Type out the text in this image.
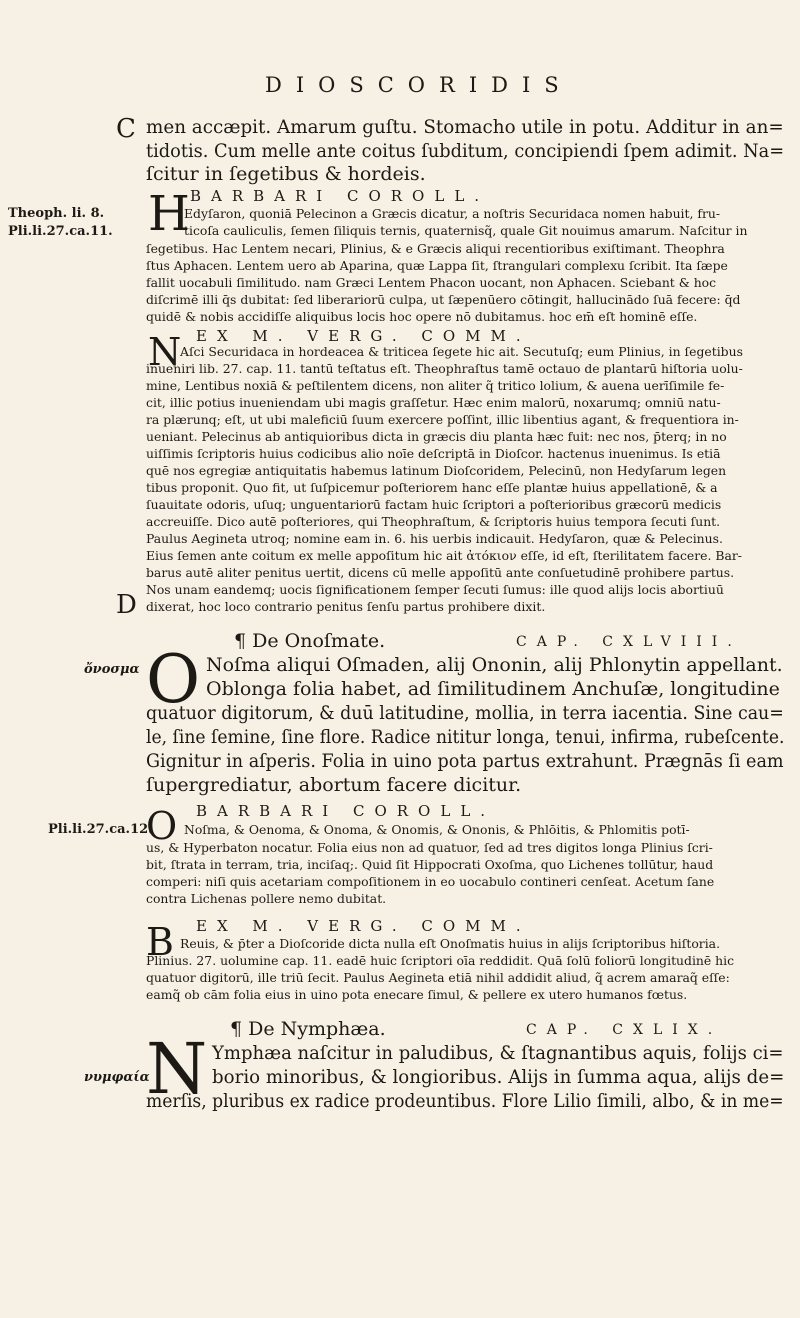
DIOSCORIDIS
C
Theoph. li. 8.
Pli.li.27.ca.11.
D
ὄνοσμα
Pli.li.27.ca.12.
νυμφαία
men accæpit. Amarum guſtu. Stomacho utile in potu. Additur in an=
tidotis. Cum melle ante coitus ſubditum, concipiendi ſpem adimit. Na=
ſcitur in ſegetibus & hordeis.
BARBARI COROLL.
H
Edyſaron, quoniā Pelecinon a Græcis dicatur, a noſtris Securidaca nomen habuit, fru-
ticoſa cauliculis, ſemen ſiliquis ternis, quaternisq̃, quale Git nouimus amarum. Naſcitur in
ſegetibus. Hac Lentem necari, Plinius, & e Græcis aliqui recentioribus exiſtimant. Theophra
ſtus Aphacen. Lentem uero ab Aparina, quæ Lappa ſit, ſtrangulari complexu ſcribit. Ita ſæpe
fallit uocabuli ſimilitudo. nam Græci Lentem Phacon uocant, non Aphacen. Sciebant & hoc
diſcrimē illi q̄s dubitat: ſed liberariorū culpa, ut ſæpenūero cōtingit, hallucinādo ſuā fecere: q̄d
quidē & nobis accidiſſe aliquibus locis hoc opere nō dubitamus. hoc em̄ eſt hominē eſſe.
EX M. VERG. COMM.
N
Aſci Securidaca in hordeacea & triticea ſegete hic ait. Secutuſq; eum Plinius, in ſegetibus
inueniri lib. 27. cap. 11. tantū teſtatus eſt. Theophraſtus tamē octauo de plantarū hiſtoria uolu-
mine, Lentibus noxiā & peſtilentem dicens, non aliter q̃ tritico lolium, & auena uerīſimile fe-
cit, illic potius inueniendam ubi magis graſſetur. Hæc enim malorū, noxarumq; omniū natu-
ra plærunq; eſt, ut ubi maleficiū ſuum exercere poſſint, illic libentius agant, & frequentiora in-
ueniant. Pelecinus ab antiquioribus dicta in græcis diu planta hæc fuit: nec nos, p̄terq; in no
uiſſimis ſcriptoris huius codicibus alio noīe deſcriptā in Dioſcor. hactenus inuenimus. Is etiā
quē nos egregiæ antiquitatis habemus latinum Dioſcoridem, Pelecinū, non Hedyſarum legen
tibus proponit. Quo fit, ut ſuſpicemur poſteriorem hanc eſſe plantæ huius appellationē, & a
ſuauitate odoris, uſuq; unguentariorū factam huic ſcriptori a poſterioribus græcorū medicis
accreuiſſe. Dico autē poſteriores, qui Theophraſtum, & ſcriptoris huius tempora ſecuti ſunt.
Paulus Aegineta utroq; nomine eam in. 6. his uerbis indicauit. Hedyſaron, quæ & Pelecinus.
Eius ſemen ante coitum ex melle appoſitum hic ait ἀτόκιον eſſe, id eſt, ſterilitatem facere. Bar-
barus autē aliter penitus uertit, dicens cū melle appoſitū ante conſuetudinē prohibere partus.
Nos unam eandemq; uocis ſignificationem ſemper ſecuti ſumus: ille quod alijs locis abortiuū
dixerat, hoc loco contrario penitus ſenſu partus prohibere dixit.
¶ De Onoſmate.	CAP. CXLVIII.
O Noſma aliqui Oſmaden, alij Ononin, alij Phlonytin appellant.
Oblonga folia habet, ad ſimilitudinem Anchuſæ, longitudine
quatuor digitorum, & duū latitudine, mollia, in terra iacentia. Sine cau=
le, ſine ſemine, ſine flore. Radice nititur longa, tenui, infirma, rubeſcente.
Gignitur in aſperis. Folia in uino pota partus extrahunt. Prægnās ſi eam
ſupergrediatur, abortum facere dicitur.
BARBARI COROLL.
O Noſma, & Oenoma, & Onoma, & Onomis, & Ononis, & Phlōitis, & Phlomitis potī-
us, & Hyperbaton nocatur. Folia eius non ad quatuor, ſed ad tres digitos longa Plinius ſcri-
bit, ſtrata in terram, tria, inciſaq;. Quid ſit Hippocrati Oxoſma, quo Lichenes tollūtur, haud
comperi: niſi quis acetariam compoſitionem in eo uocabulo contineri cenſeat. Acetum ſane
contra Lichenas pollere nemo dubitat.
EX M. VERG. COMM.
B Reuis, & p̄ter a Dioſcoride dicta nulla eſt Onoſmatis huius in alijs ſcriptoribus hiſtoria.
Plinius. 27. uolumine cap. 11. eadē huic ſcriptori oīa reddidit. Quā ſolū foliorū longitudinē hic
quatuor digitorū, ille triū ſecit. Paulus Aegineta etiā nihil addidit aliud, q̃ acrem amaraq̃ eſſe:
eamq̃ ob cām folia eius in uino pota enecare ſimul, & pellere ex utero humanos fœtus.
¶ De Nymphæa.	CAP. CXLIX.
N Ymphæa naſcitur in paludibus, & ſtagnantibus aquis, folijs ci=
borio minoribus, & longioribus. Alijs in ſumma aqua, alijs de=
merſis, pluribus ex radice prodeuntibus. Flore Lilio ſimili, albo, & in me=
